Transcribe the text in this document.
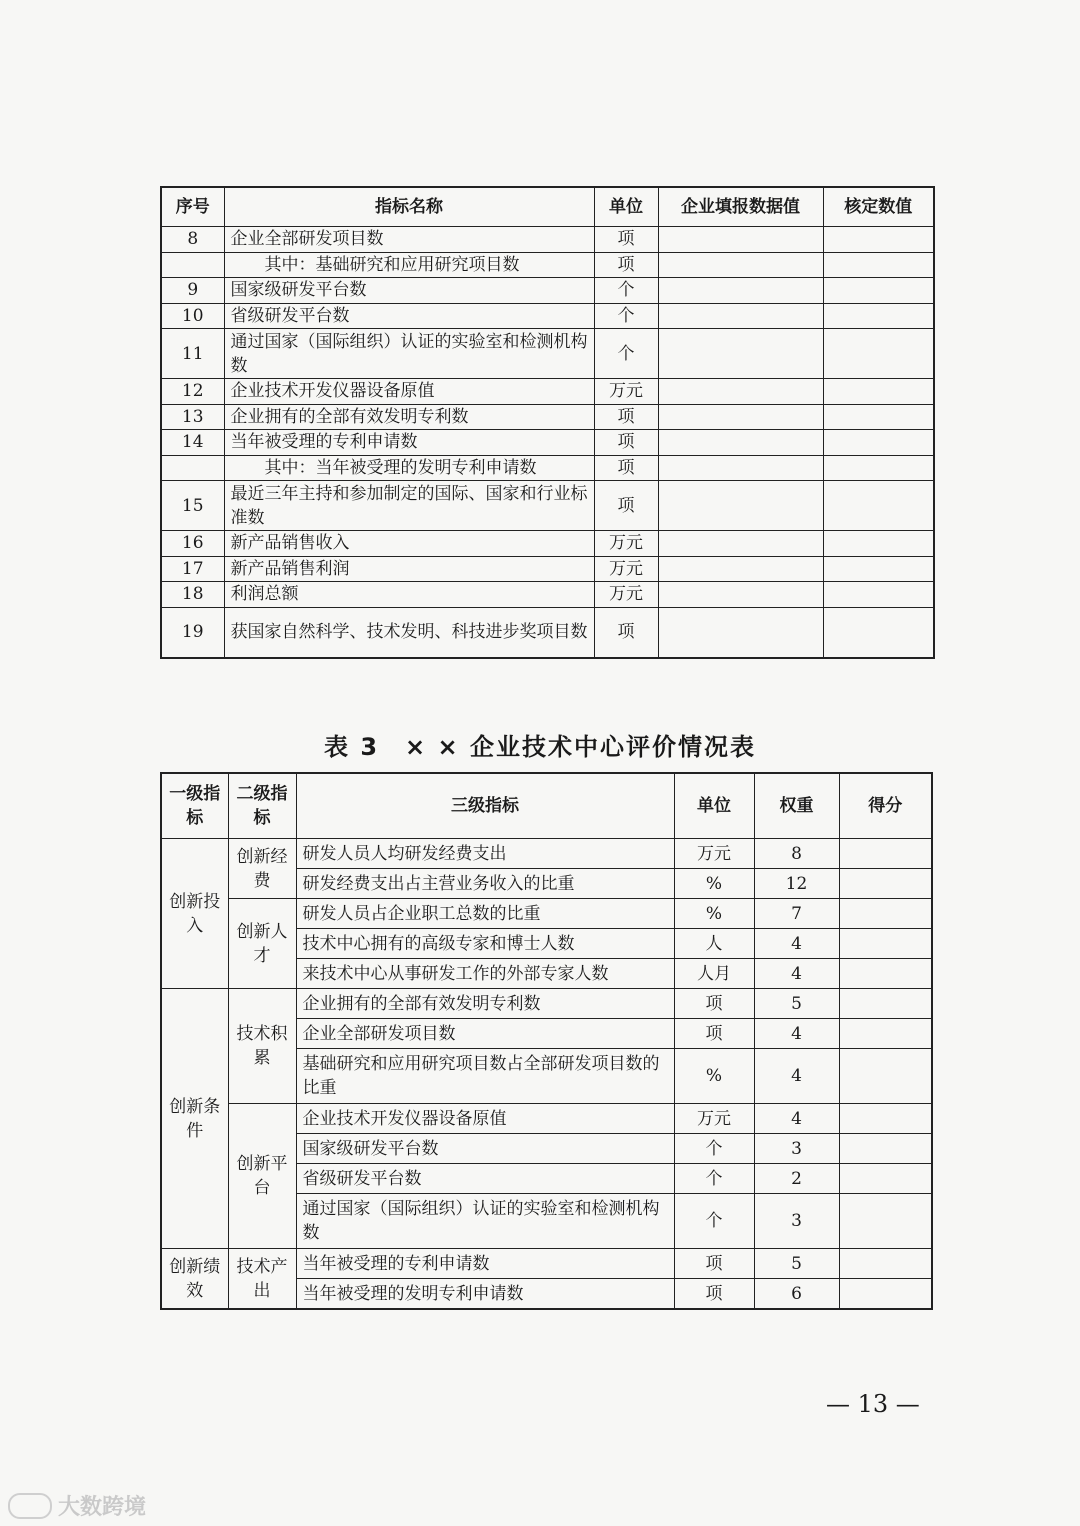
序号	指标名称	单位	企业填报数据值	核定数值
8	企业全部研发项目数	项		
	其中：基础研究和应用研究项目数	项		
9	国家级研发平台数	个		
10	省级研发平台数	个		
11	通过国家（国际组织）认证的实验室和检测机构数	个		
12	企业技术开发仪器设备原值	万元		
13	企业拥有的全部有效发明专利数	项		
14	当年被受理的专利申请数	项		
	其中：当年被受理的发明专利申请数	项		
15	最近三年主持和参加制定的国际、国家和行业标准数	项		
16	新产品销售收入	万元		
17	新产品销售利润	万元		
18	利润总额	万元		
19	获国家自然科学、技术发明、科技进步奖项目数	项		
表 3　× × 企业技术中心评价情况表
一级指标	二级指标	三级指标	单位	权重	得分
创新投入	创新经费	研发人员人均研发经费支出	万元	8	
		研发经费支出占主营业务收入的比重	%	12	
	创新人才	研发人员占企业职工总数的比重	%	7	
		技术中心拥有的高级专家和博士人数	人	4	
		来技术中心从事研发工作的外部专家人数	人月	4	
创新条件	技术积累	企业拥有的全部有效发明专利数	项	5	
		企业全部研发项目数	项	4	
		基础研究和应用研究项目数占全部研发项目数的比重	%	4	
	创新平台	企业技术开发仪器设备原值	万元	4	
		国家级研发平台数	个	3	
		省级研发平台数	个	2	
		通过国家（国际组织）认证的实验室和检测机构数	个	3	
创新绩效	技术产出	当年被受理的专利申请数	项	5	
		当年被受理的发明专利申请数	项	6	
— 13 —
大数跨境
